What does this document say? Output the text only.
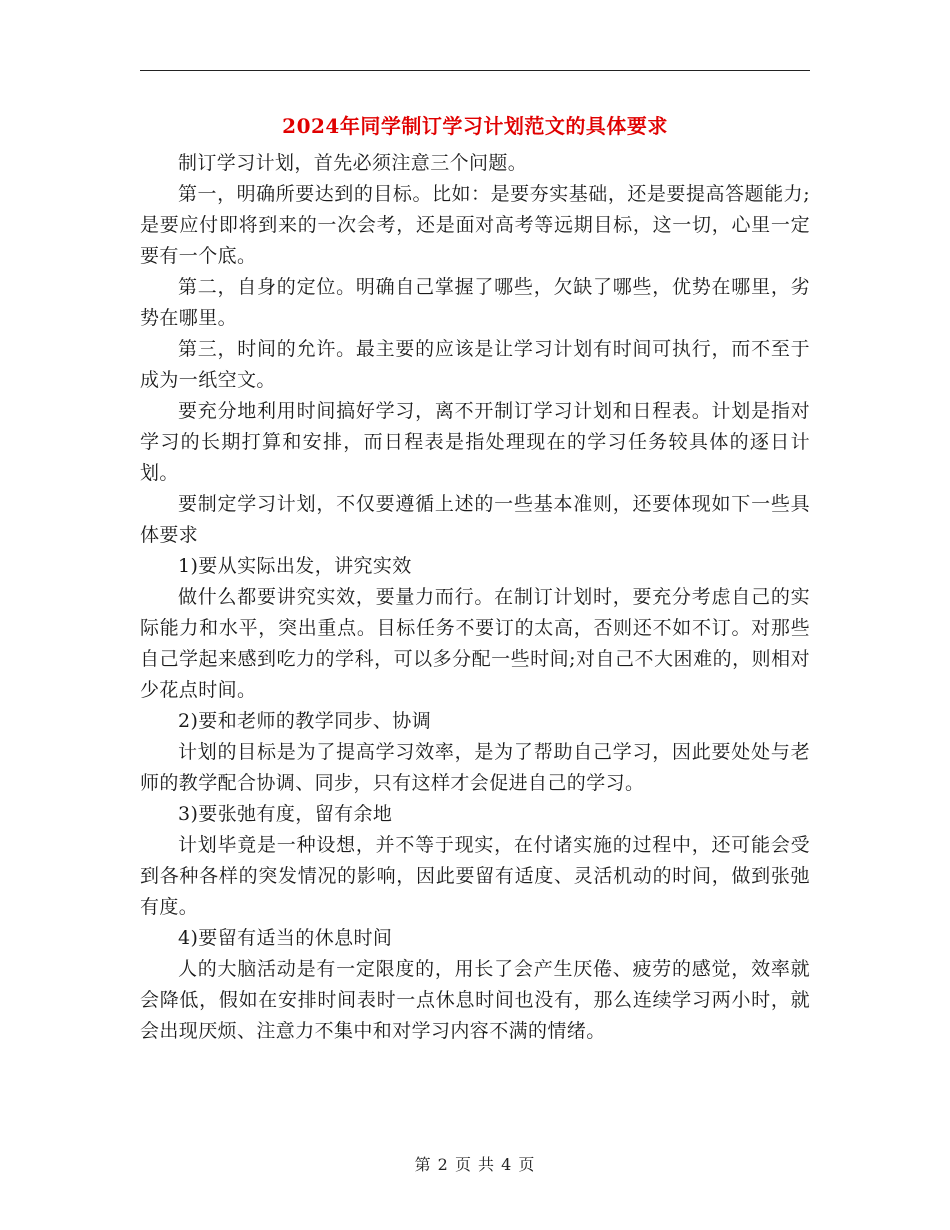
2024年同学制订学习计划范文的具体要求

制订学习计划，首先必须注意三个问题。

第一，明确所要达到的目标。比如：是要夯实基础，还是要提高答题能力;是要应付即将到来的一次会考，还是面对高考等远期目标，这一切，心里一定要有一个底。

第二，自身的定位。明确自己掌握了哪些，欠缺了哪些，优势在哪里，劣势在哪里。

第三，时间的允许。最主要的应该是让学习计划有时间可执行，而不至于成为一纸空文。

要充分地利用时间搞好学习，离不开制订学习计划和日程表。计划是指对学习的长期打算和安排，而日程表是指处理现在的学习任务较具体的逐日计划。

要制定学习计划，不仅要遵循上述的一些基本准则，还要体现如下一些具体要求

1)要从实际出发，讲究实效

做什么都要讲究实效，要量力而行。在制订计划时，要充分考虑自己的实际能力和水平，突出重点。目标任务不要订的太高，否则还不如不订。对那些自己学起来感到吃力的学科，可以多分配一些时间;对自己不大困难的，则相对少花点时间。

2)要和老师的教学同步、协调

计划的目标是为了提高学习效率，是为了帮助自己学习，因此要处处与老师的教学配合协调、同步，只有这样才会促进自己的学习。

3)要张弛有度，留有余地

计划毕竟是一种设想，并不等于现实，在付诸实施的过程中，还可能会受到各种各样的突发情况的影响，因此要留有适度、灵活机动的时间，做到张弛有度。

4)要留有适当的休息时间

人的大脑活动是有一定限度的，用长了会产生厌倦、疲劳的感觉，效率就会降低，假如在安排时间表时一点休息时间也没有，那么连续学习两小时，就会出现厌烦、注意力不集中和对学习内容不满的情绪。

第 2 页 共 4 页
